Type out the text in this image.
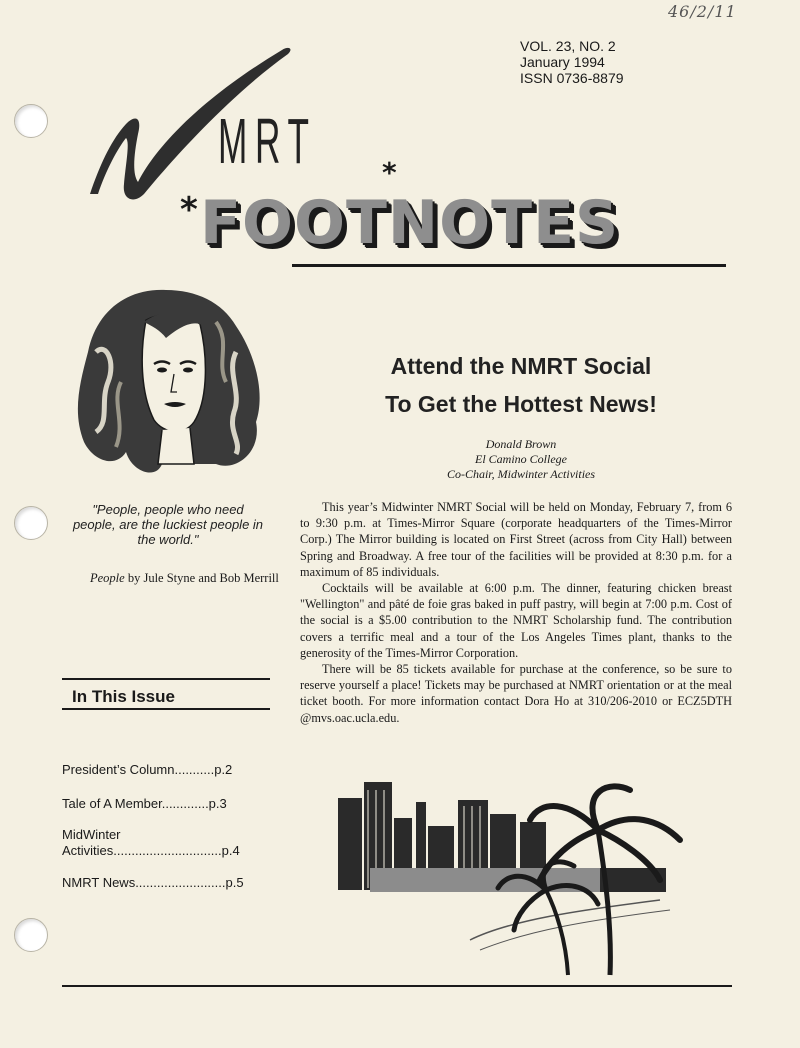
46/2/11
VOL. 23, NO. 2
January 1994
ISSN 0736-8879
MRT *
* FOOTNOTES
"People, people who need people, are the luckiest people in the world."
People by Jule Styne and Bob Merrill
In This Issue
President’s Column...........p.2
Tale of A Member.............p.3
MidWinter
Activities..............................p.4
NMRT News.........................p.5
Attend the NMRT Social
To Get the Hottest News!
Donald Brown
El Camino College
Co-Chair, Midwinter Activities

This year’s Midwinter NMRT Social will be held on Monday, February 7, from 6 to 9:30 p.m. at Times-Mirror Square (corporate headquarters of the Times-Mirror Corp.) The Mirror building is located on First Street (across from City Hall) between Spring and Broadway. A free tour of the facilities will be provided at 8:30 p.m. for a maximum of 85 individuals.

Cocktails will be available at 6:00 p.m. The dinner, featuring chicken breast "Wellington" and pâté de foie gras baked in puff pastry, will begin at 7:00 p.m. Cost of the social is a $5.00 contribution to the NMRT Scholarship fund. The contribution covers a terrific meal and a tour of the Los Angeles Times plant, thanks to the generosity of the Times-Mirror Corporation.

There will be 85 tickets available for purchase at the conference, so be sure to reserve yourself a place! Tickets may be purchased at NMRT orientation or at the meal ticket booth. For more information contact Dora Ho at 310/206-2010 or ECZ5DTH @mvs.oac.ucla.edu.
